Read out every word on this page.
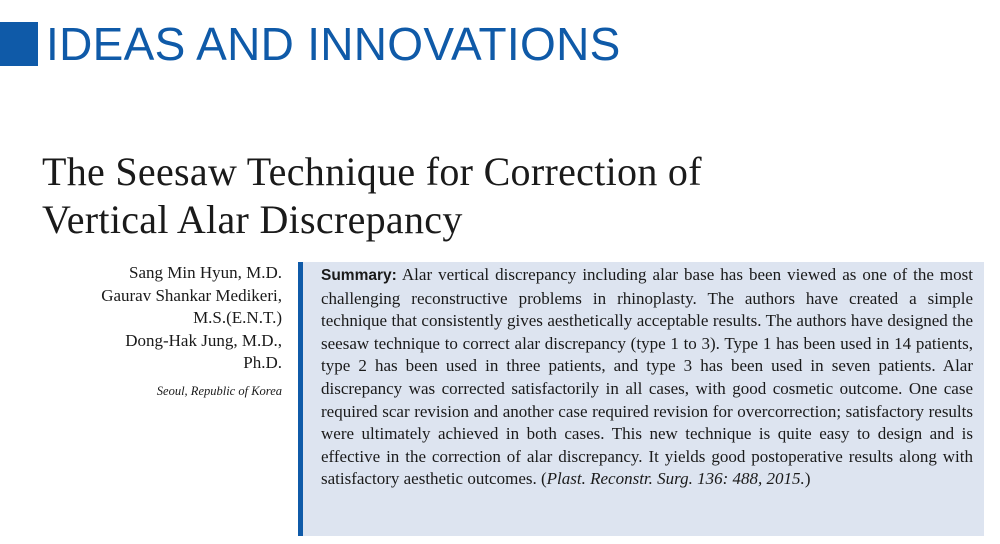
IDEAS AND INNOVATIONS
The Seesaw Technique for Correction of
Vertical Alar Discrepancy
Sang Min Hyun, M.D.
Gaurav Shankar Medikeri,
M.S.(E.N.T.)
Dong-Hak Jung, M.D.,
Ph.D.
Seoul, Republic of Korea

Summary: Alar vertical discrepancy including alar base has been viewed as one of the most challenging reconstructive problems in rhinoplasty. The authors have created a simple technique that consistently gives aesthetically acceptable results. The authors have designed the seesaw technique to correct alar discrepancy (type 1 to 3). Type 1 has been used in 14 patients, type 2 has been used in three patients, and type 3 has been used in seven patients. Alar discrepancy was corrected satisfactorily in all cases, with good cosmetic outcome. One case required scar revision and another case required revision for overcorrection; satisfactory results were ultimately achieved in both cases. This new technique is quite easy to design and is effective in the correction of alar discrepancy. It yields good postoperative results along with satisfactory aesthetic outcomes. (Plast. Reconstr. Surg. 136: 488, 2015.)
